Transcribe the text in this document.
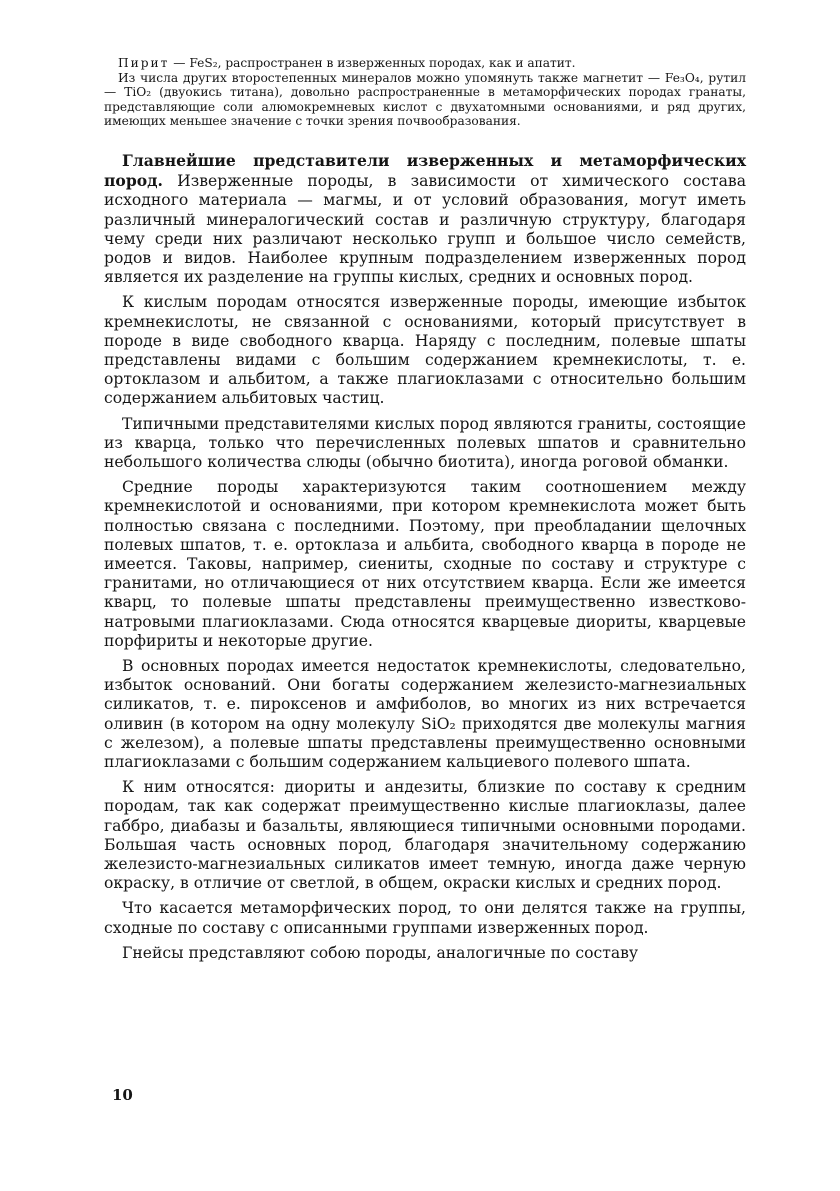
Пирит — FeS₂, распространен в изверженных породах, как и апатит.

Из числа других второстепенных минералов можно упомянуть также магнетит — Fe₃O₄, рутил — TiO₂ (двуокись титана), довольно распространенные в метаморфических породах гранаты, представляющие соли алюмокремневых кислот с двухатомными основаниями, и ряд других, имеющих меньшее значение с точки зрения почвообразования.

Главнейшие представители изверженных и метаморфических пород. Изверженные породы, в зависимости от химического состава исходного материала — магмы, и от условий образования, могут иметь различный минералогический состав и различную структуру, благодаря чему среди них различают несколько групп и большое число семейств, родов и видов. Наиболее крупным подразделением изверженных пород является их разделение на группы кислых, средних и основных пород.

К кислым породам относятся изверженные породы, имеющие избыток кремнекислоты, не связанной с основаниями, который присутствует в породе в виде свободного кварца. Наряду с последним, полевые шпаты представлены видами с большим содержанием кремнекислоты, т. е. ортоклазом и альбитом, а также плагиоклазами с относительно большим содержанием альбитовых частиц.

Типичными представителями кислых пород являются граниты, состоящие из кварца, только что перечисленных полевых шпатов и сравнительно небольшого количества слюды (обычно биотита), иногда роговой обманки.

Средние породы характеризуются таким соотношением между кремнекислотой и основаниями, при котором кремнекислота может быть полностью связана с последними. Поэтому, при преобладании щелочных полевых шпатов, т. е. ортоклаза и альбита, свободного кварца в породе не имеется. Таковы, например, сиениты, сходные по составу и структуре с гранитами, но отличающиеся от них отсутствием кварца. Если же имеется кварц, то полевые шпаты представлены преимущественно известково-натровыми плагиоклазами. Сюда относятся кварцевые диориты, кварцевые порфириты и некоторые другие.

В основных породах имеется недостаток кремнекислоты, следовательно, избыток оснований. Они богаты содержанием железисто-магнезиальных силикатов, т. е. пироксенов и амфиболов, во многих из них встречается оливин (в котором на одну молекулу SiO₂ приходятся две молекулы магния с железом), а полевые шпаты представлены преимущественно основными плагиоклазами с большим содержанием кальциевого полевого шпата.

К ним относятся: диориты и андезиты, близкие по составу к средним породам, так как содержат преимущественно кислые плагиоклазы, далее габбро, диабазы и базальты, являющиеся типичными основными породами. Большая часть основных пород, благодаря значительному содержанию железисто-магнезиальных силикатов имеет темную, иногда даже черную окраску, в отличие от светлой, в общем, окраски кислых и средних пород.

Что касается метаморфических пород, то они делятся также на группы, сходные по составу с описанными группами изверженных пород.

Гнейсы представляют собою породы, аналогичные по составу

10
